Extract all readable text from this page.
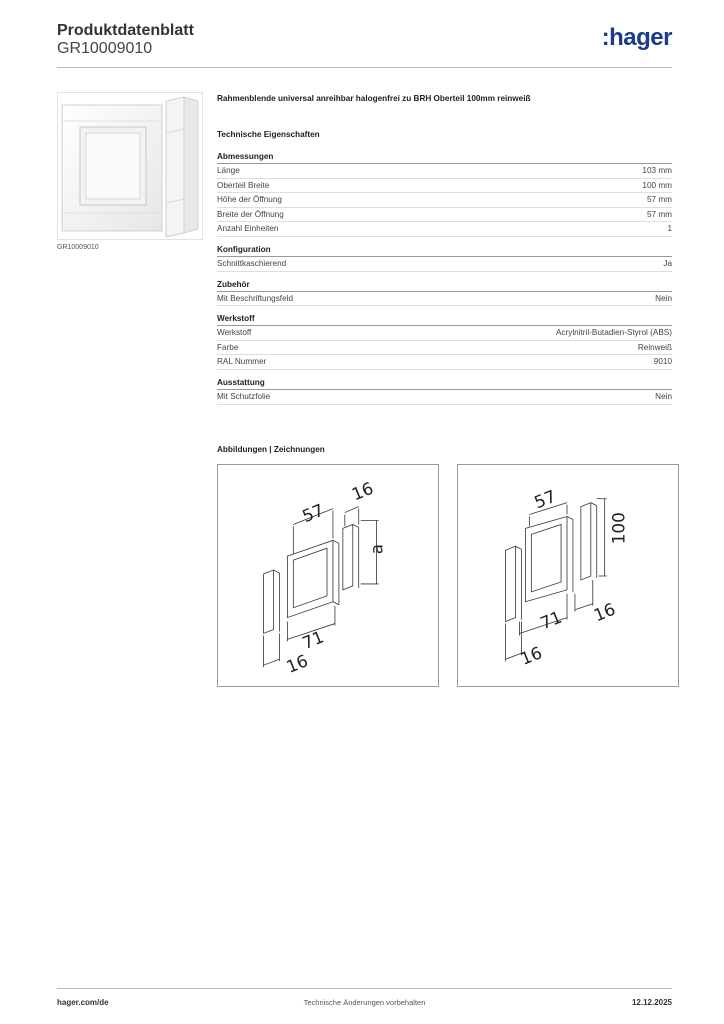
Produktdatenblatt
GR10009010	:hager
GR10009010
Rahmenblende universal anreihbar halogenfrei zu BRH Oberteil 100mm reinweiß
Technische Eigenschaften
Abmessungen
Länge	103 mm
Oberteil Breite	100 mm
Höhe der Öffnung	57 mm
Breite der Öffnung	57 mm
Anzahl Einheiten	1
Konfiguration
Schnittkaschierend	Ja
Zubehör
Mit Beschriftungsfeld	Nein
Werkstoff
Werkstoff	Acrylnitril-Butadien-Styrol (ABS)
Farbe	Reinweiß
RAL Nummer	9010
Ausstattung
Mit Schutzfolie	Nein
Abbildungen | Zeichnungen
57
16
a
71
16
57
100
16
71
16
hager.com/de	Technische Änderungen vorbehalten	12.12.2025
